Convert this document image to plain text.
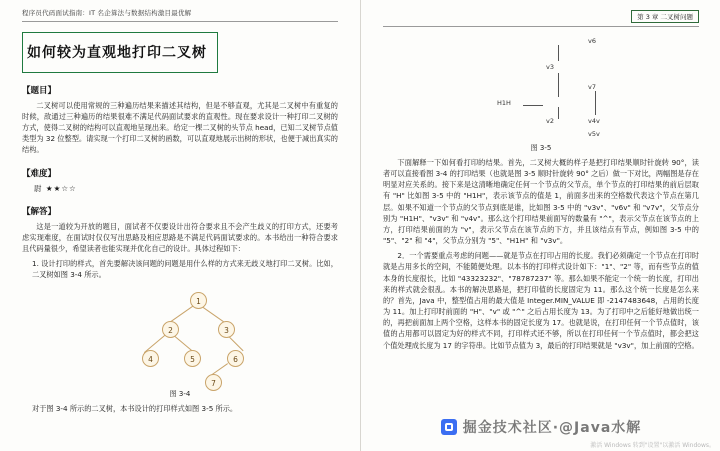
程序员代码面试指南：IT 名企算法与数据结构激目最优解
如何较为直观地打印二叉树
【题目】
二叉树可以使用常规的三种遍历结果来描述其结构，但是不够直观，尤其是二叉树中有重复的时候，敌通过三种遍历的结果很难不满足代码面试要求的直观性。现在要求设计一种打印二叉树的方式，使得二叉树的结构可以直观地呈现出来。给定一棵二叉树的头节点 head，已知二叉树节点值类型为 32 位整型。请实现一个打印二叉树的函数，可以直观地展示出树的形状，也便于减出真实的结构。
【难度】
尉 ★★☆☆
【解答】
这是一道较为开放的题目，面试者不仅要设计出符合要求且不会产生歧义的打印方式，还要考虑实现难度，在面试时仅仅写出思路及相应思路是不满足代码面试要求的。本书给出一种符合要求且代码量很少，希望读者也能实现并优化自己的设计。具体过程如下：
1. 设计打印的样式，首先要解决该问题的问题是用什么样的方式来无歧义地打印二叉树。比如，二叉树如图 3-4 所示。
1
2	3
4	5	6
7
图 3-4
对于图 3-4 所示的二叉树，本书设计的打印样式如图 3-5 所示。
第 3 章 二叉树问题
v6
v3
v7
H1H
v2	v4v
v5v
图 3-5
下面解释一下如何看打印的结果。首先，二叉树大概的样子是把打印结果顺时针旋转 90°，读者可以直接看图 3-4 的打印结果（也就是图 3-5 顺时针旋转 90° 之后）做一下对比，两幅图是存在明显对应关系的。接下来是这清晰地确定任何一个节点的父节点，单个节点的打印结果的前后层取有 "H" 比如图 3-5 中的 "H1H"，表示该节点的值是 1，前面多出来的空格数代表这个节点在第几层。如果不知道一个节点的父节点到底是谁，比如图 3-5 中的 "v3v"、"v6v" 和 "v7v"，父节点分别为 "H1H"、"v3v" 和 "v4v"。那么这个打印结果前面写的数量有 "^"，表示父节点在该节点的上方，打印结果前面的为 "v"，表示父节点在该节点的下方，并且该结点有节点，例如图 3-5 中的 "5"、"2" 和 "4"，父节点分别为 "5"、"H1H" 和 "v3v"。
2．一个需要重点考虑的问题——就是节点在打印占用的长度。我们必须确定一个节点在打印时就是占用多长的空间，不能随便处理。以本书的打印样式设计如下："1"、"2" 等，而有些节点的值本身的长度很长，比如 "43323232"、"78787237" 等。那么如果不能定一个统一的长度，打印出来的样式就会很乱。本书的解决思路是，把打印值的长度固定为 11。那么这个统一长度是怎么来的？首先，Java 中，整型值占用的最大值是 Integer.MIN_VALUE 即 -2147483648，占用的长度为 11。加上打印时前面的 "H"、"v" 或 "^" 之后占用长度为 13。为了打印中之后能好地做出统一的，再把前面加上两个空格，这样本书的固定长度为 17。也就是说，在打印任何一个节点值时，该值的占用都可以固定为好的样式不同，打印样式还不够，所以在打印任何一个节点值时，都会把这个值处理成长度为 17 的字符串。比如节点值为 3，最后的打印结果就是 "v3v"，加上前面的空格。
掘金技术社区·@Java水解
激活 Windows 转到"设置"以激活 Windows。
